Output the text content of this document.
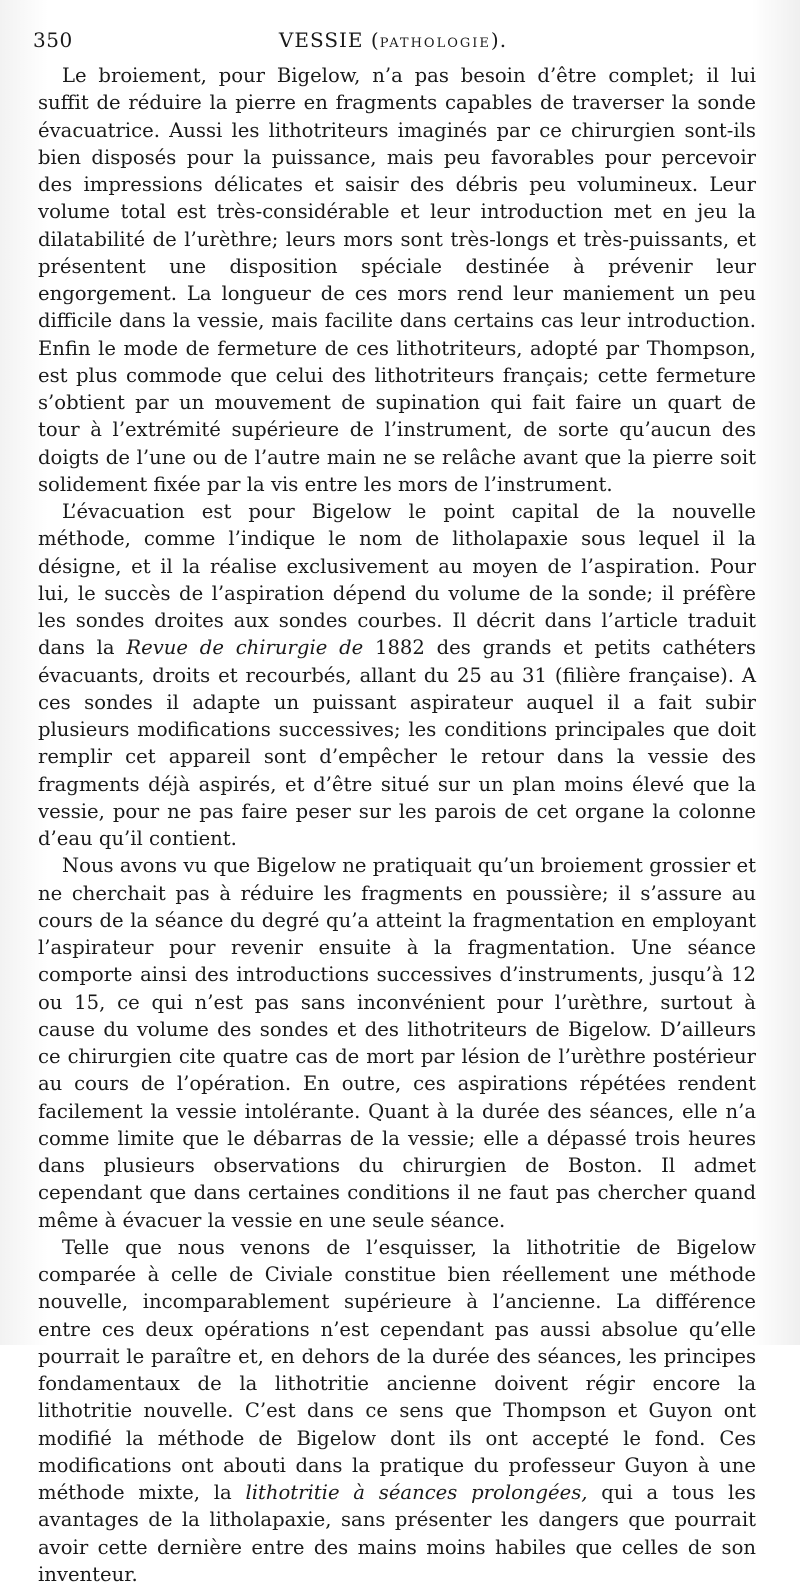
350	VESSIE (PATHOLOGIE).

Le broiement, pour Bigelow, n’a pas besoin d’être complet; il lui suffit de réduire la pierre en fragments capables de traverser la sonde évacuatrice. Aussi les lithotriteurs imaginés par ce chirurgien sont-ils bien disposés pour la puissance, mais peu favorables pour percevoir des impressions délicates et saisir des débris peu volumineux. Leur volume total est très-considérable et leur introduction met en jeu la dilatabilité de l’urèthre; leurs mors sont très-longs et très-puissants, et présentent une disposition spéciale destinée à prévenir leur engorgement. La longueur de ces mors rend leur maniement un peu difficile dans la vessie, mais facilite dans certains cas leur introduction. Enfin le mode de fermeture de ces lithotriteurs, adopté par Thompson, est plus commode que celui des lithotriteurs français; cette fermeture s’obtient par un mouvement de supination qui fait faire un quart de tour à l’extrémité supérieure de l’instrument, de sorte qu’aucun des doigts de l’une ou de l’autre main ne se relâche avant que la pierre soit solidement fixée par la vis entre les mors de l’instrument.

L’évacuation est pour Bigelow le point capital de la nouvelle méthode, comme l’indique le nom de litholapaxie sous lequel il la désigne, et il la réalise exclusivement au moyen de l’aspiration. Pour lui, le succès de l’aspiration dépend du volume de la sonde; il préfère les sondes droites aux sondes courbes. Il décrit dans l’article traduit dans la Revue de chirurgie de 1882 des grands et petits cathéters évacuants, droits et recourbés, allant du 25 au 31 (filière française). A ces sondes il adapte un puissant aspirateur auquel il a fait subir plusieurs modifications successives; les conditions principales que doit remplir cet appareil sont d’empêcher le retour dans la vessie des fragments déjà aspirés, et d’être situé sur un plan moins élevé que la vessie, pour ne pas faire peser sur les parois de cet organe la colonne d’eau qu’il contient.

Nous avons vu que Bigelow ne pratiquait qu’un broiement grossier et ne cherchait pas à réduire les fragments en poussière; il s’assure au cours de la séance du degré qu’a atteint la fragmentation en employant l’aspirateur pour revenir ensuite à la fragmentation. Une séance comporte ainsi des introductions successives d’instruments, jusqu’à 12 ou 15, ce qui n’est pas sans inconvénient pour l’urèthre, surtout à cause du volume des sondes et des lithotriteurs de Bigelow. D’ailleurs ce chirurgien cite quatre cas de mort par lésion de l’urèthre postérieur au cours de l’opération. En outre, ces aspirations répétées rendent facilement la vessie intolérante. Quant à la durée des séances, elle n’a comme limite que le débarras de la vessie; elle a dépassé trois heures dans plusieurs observations du chirurgien de Boston. Il admet cependant que dans certaines conditions il ne faut pas chercher quand même à évacuer la vessie en une seule séance.

Telle que nous venons de l’esquisser, la lithotritie de Bigelow comparée à celle de Civiale constitue bien réellement une méthode nouvelle, incomparablement supérieure à l’ancienne. La différence entre ces deux opérations n’est cependant pas aussi absolue qu’elle pourrait le paraître et, en dehors de la durée des séances, les principes fondamentaux de la lithotritie ancienne doivent régir encore la lithotritie nouvelle. C’est dans ce sens que Thompson et Guyon ont modifié la méthode de Bigelow dont ils ont accepté le fond. Ces modifications ont abouti dans la pratique du professeur Guyon à une méthode mixte, la lithotritie à séances prolongées, qui a tous les avantages de la litholapaxie, sans présenter les dangers que pourrait avoir cette dernière entre des mains moins habiles que celles de son inventeur.
